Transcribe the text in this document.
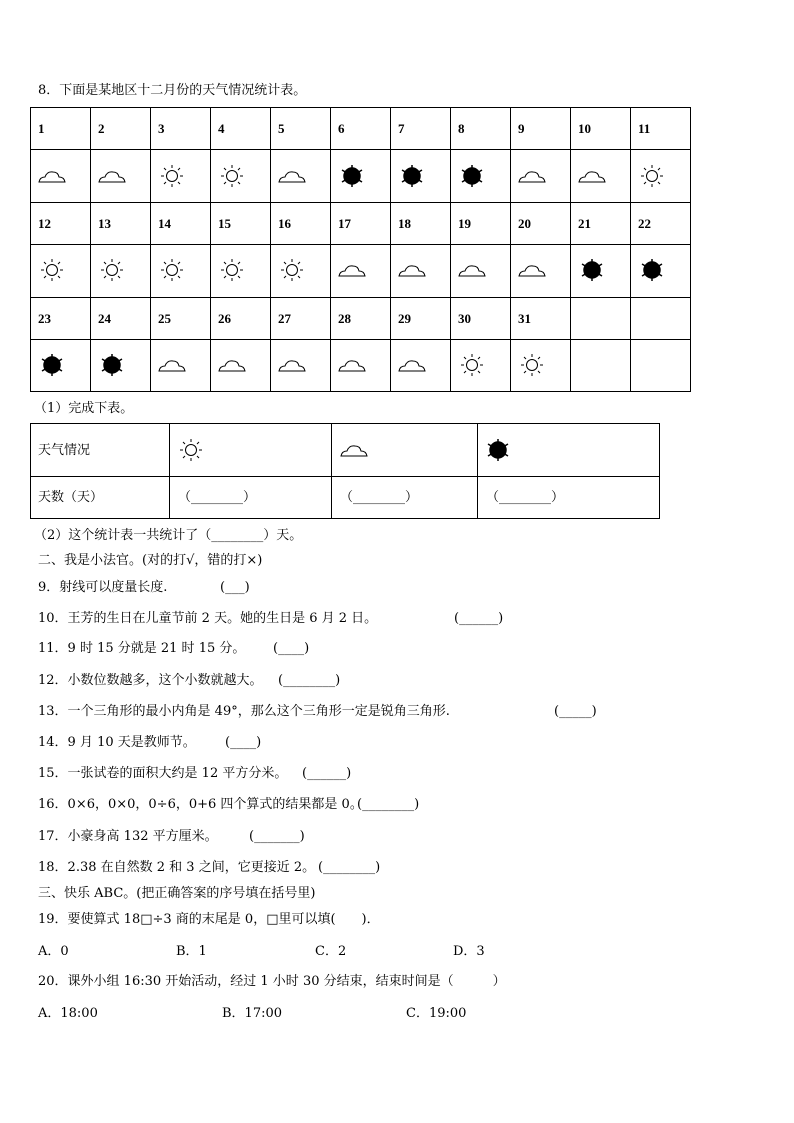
8．下面是某地区十二月份的天气情况统计表。
1	2	3	4	5	6	7	8	9	10	11
12	13	14	15	16	17	18	19	20	21	22
23	24	25	26	27	28	29	30	31
（1）完成下表。
天气情况
天数（天）	（________）	（________）	（________）
（2）这个统计表一共统计了（________）天。
二、我是小法官。(对的打√，错的打×)
9．射线可以度量长度.	(___)
10．王芳的生日在儿童节前 2 天。她的生日是 6 月 2 日。	(______)
11．9 时 15 分就是 21 时 15 分。 (____)
12．小数位数越多，这个小数就越大。 (________)
13．一个三角形的最小内角是 49°，那么这个三角形一定是锐角三角形.	(_____)
14．9 月 10 天是教师节。 (____)
15．一张试卷的面积大约是 12 平方分米。 (______)
16．0×6，0×0，0÷6，0+6 四个算式的结果都是 0。
(________)
17．小豪身高 132 平方厘米。 (_______)
18．2.38 在自然数 2 和 3 之间，它更接近 2。 (________)
三、快乐 ABC。(把正确答案的序号填在括号里)
19．要使算式 18□÷3 商的末尾是 0，□里可以填(　　)．
A．0	B．1	C．2	D．3
20．课外小组 16:30 开始活动，经过 1 小时 30 分结束，结束时间是（　　　）
A．18:00	B．17:00	C．19:00
